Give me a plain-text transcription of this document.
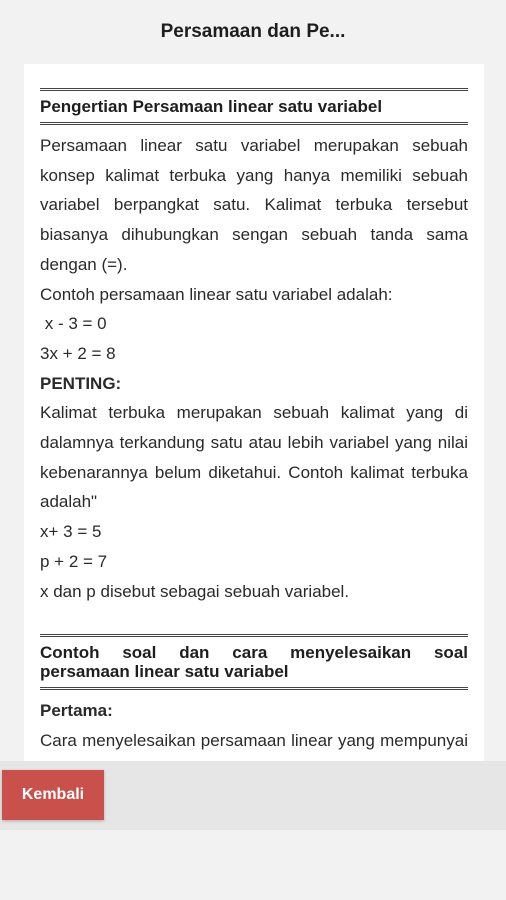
Persamaan dan Pe...
Pengertian Persamaan linear satu variabel

Persamaan linear satu variabel merupakan sebuah konsep kalimat terbuka yang hanya memiliki sebuah variabel berpangkat satu. Kalimat terbuka tersebut biasanya dihubungkan sengan sebuah tanda sama dengan (=).

Contoh persamaan linear satu variabel adalah:

x - 3 = 0

3x + 2 = 8

PENTING:

Kalimat terbuka merupakan sebuah kalimat yang di dalamnya terkandung satu atau lebih variabel yang nilai kebenarannya belum diketahui. Contoh kalimat terbuka adalah"

x+ 3 = 5

p + 2 = 7

x dan p disebut sebagai sebuah variabel.

Contoh soal dan cara menyelesaikan soal persamaan linear satu variabel

Pertama:

Cara menyelesaikan persamaan linear yang mempunyai

Kembali
